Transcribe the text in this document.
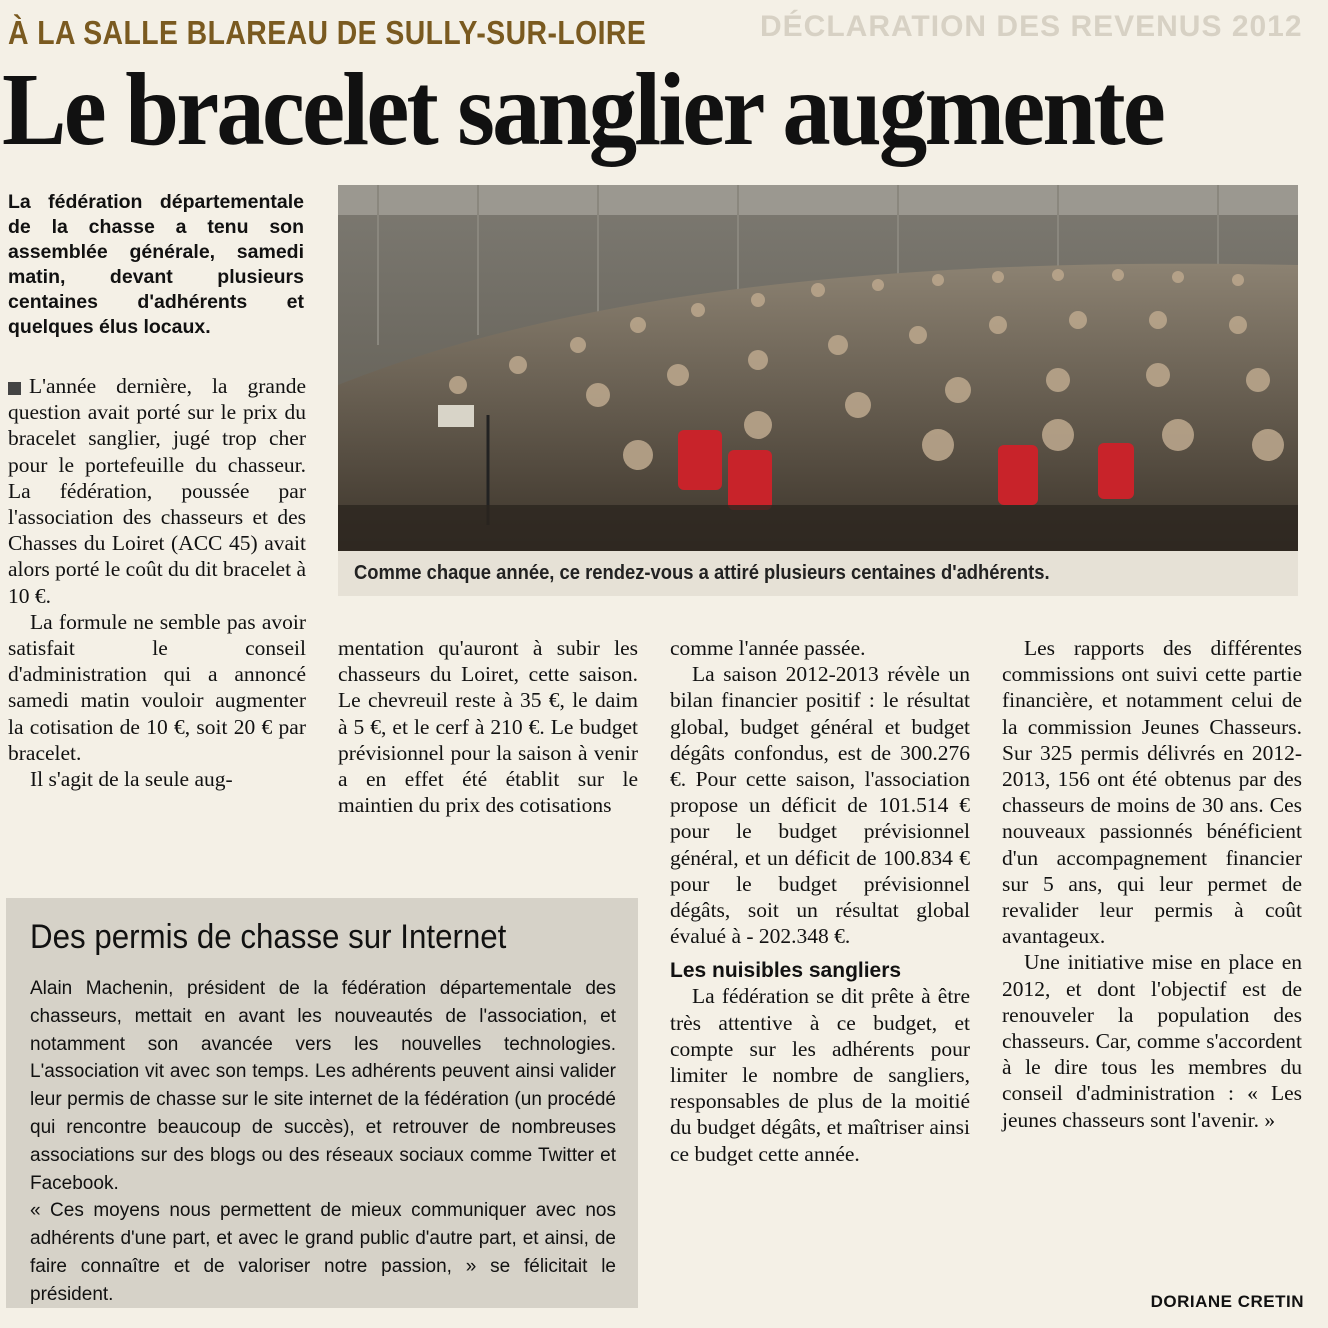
DÉCLARATION DES REVENUS 2012
À LA SALLE BLAREAU DE SULLY-SUR-LOIRE
Le bracelet sanglier augmente
La fédération départementale de la chasse a tenu son assemblée générale, samedi matin, devant plusieurs centaines d'adhérents et quelques élus locaux.
Comme chaque année, ce rendez-vous a attiré plusieurs centaines d'adhérents.

L'année dernière, la grande question avait porté sur le prix du bracelet sanglier, jugé trop cher pour le portefeuille du chasseur. La fédération, poussée par l'association des chasseurs et des Chasses du Loiret (ACC 45) avait alors porté le coût du dit bracelet à 10 €.

La formule ne semble pas avoir satisfait le conseil d'administration qui a annoncé samedi matin vouloir augmenter la cotisation de 10 €, soit 20 € par bracelet.

Il s'agit de la seule aug-

mentation qu'auront à subir les chasseurs du Loiret, cette saison. Le chevreuil reste à 35 €, le daim à 5 €, et le cerf à 210 €. Le budget prévisionnel pour la saison à venir a en effet été établit sur le maintien du prix des cotisations

comme l'année passée.

La saison 2012-2013 révèle un bilan financier positif : le résultat global, budget général et budget dégâts confondus, est de 300.276 €. Pour cette saison, l'association propose un déficit de 101.514 € pour le budget prévisionnel général, et un déficit de 100.834 € pour le budget prévisionnel dégâts, soit un résultat global évalué à - 202.348 €.

Les nuisibles sangliers

La fédération se dit prête à être très attentive à ce budget, et compte sur les adhérents pour limiter le nombre de sangliers, responsables de plus de la moitié du budget dégâts, et maîtriser ainsi ce budget cette année.

Les rapports des différentes commissions ont suivi cette partie financière, et notamment celui de la commission Jeunes Chasseurs. Sur 325 permis délivrés en 2012-2013, 156 ont été obtenus par des chasseurs de moins de 30 ans. Ces nouveaux passionnés bénéficient d'un accompagnement financier sur 5 ans, qui leur permet de revalider leur permis à coût avantageux.

Une initiative mise en place en 2012, et dont l'objectif est de renouveler la population des chasseurs. Car, comme s'accordent à le dire tous les membres du conseil d'administration : « Les jeunes chasseurs sont l'avenir. »

DORIANE CRETIN
Des permis de chasse sur Internet

Alain Machenin, président de la fédération départementale des chasseurs, mettait en avant les nouveautés de l'association, et notamment son avancée vers les nouvelles technologies. L'association vit avec son temps. Les adhérents peuvent ainsi valider leur permis de chasse sur le site internet de la fédération (un procédé qui rencontre beaucoup de succès), et retrouver de nombreuses associations sur des blogs ou des réseaux sociaux comme Twitter et Facebook.

« Ces moyens nous permettent de mieux communiquer avec nos adhérents d'une part, et avec le grand public d'autre part, et ainsi, de faire connaître et de valoriser notre passion, » se félicitait le président.
